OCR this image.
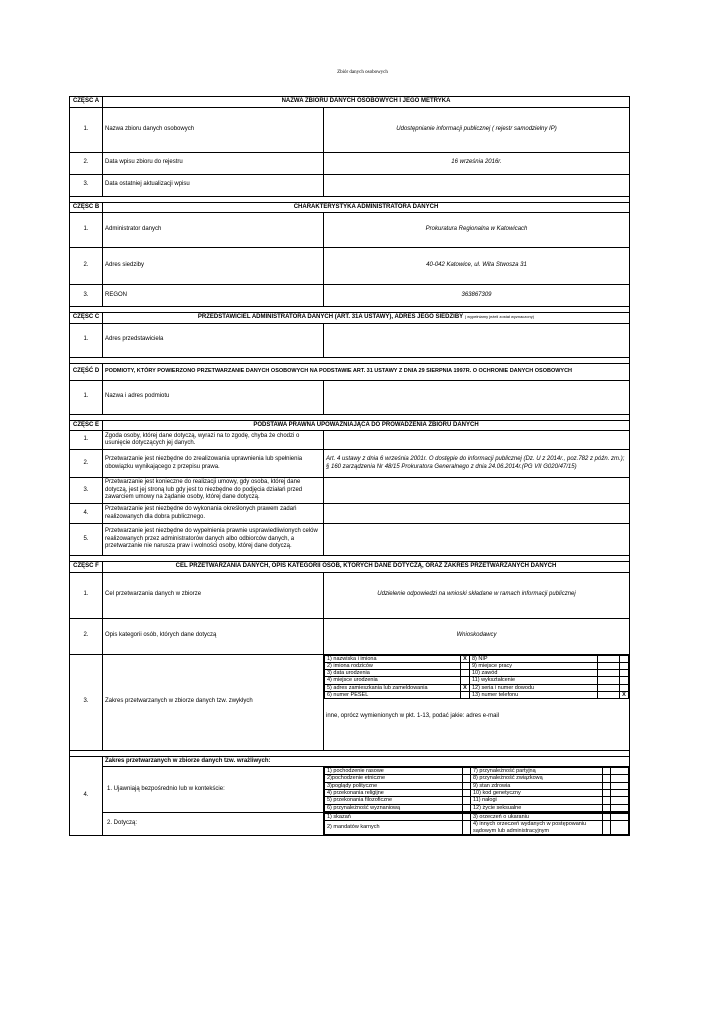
Zbiór danych osobowych
CZĘŚĆ A	NAZWA ZBIORU DANYCH OSOBOWYCH I JEGO METRYKA
1.	Nazwa zbioru danych osobowych	Udostępnianie informacji publicznej ( rejestr samodzielny IP)
2.	Data wpisu zbioru do rejestru	16 września 2016r.
3.	Data ostatniej aktualizacji wpisu	

CZĘŚĆ B	CHARAKTERYSTYKA ADMINISTRATORA DANYCH
1.	Administrator danych	Prokuratura Regionalna w Katowicach
2.	Adres siedziby	40-042 Katowice, ul. Wita Stwosza 31
3.	REGON	363867309

CZĘŚĆ C	PRZEDSTAWICIEL ADMINISTRATORA DANYCH (ART. 31A USTAWY), ADRES JEGO SIEDZIBY ( wypełniamy jeżeli został wyznaczony)
1.	Adres przedstawiciela	

CZĘŚĆ D	PODMIOTY, KTÓRY POWIERZONO PRZETWARZANIE DANYCH OSOBOWYCH NA PODSTAWIE ART. 31 USTAWY Z DNIA 29 SIERPNIA 1997R. O OCHRONIE DANYCH OSOBOWYCH
1.	Nazwa i adres podmiotu	

CZĘŚĆ E	PODSTAWA PRAWNA UPOWAŻNIAJĄCA DO PROWADZENIA ZBIORU DANYCH
1.	Zgoda osoby, której dane dotyczą, wyrazi na to zgodę, chyba że chodzi o usunięcie dotyczących jej danych.	
2.	Przetwarzanie jest niezbędne do zrealizowania uprawnienia lub spełnienia obowiązku wynikającego z przepisu prawa.	Art. 4 ustawy z dnia 6 września 2001r. O dostępie do informacji publicznej (Dz. U z 2014r., poz.782 z późn. zm.); § 160 zarządzenia Nr 48/15 Prokuratora Generalnego z dnia 24.06.2014r.(PG VII G020/47/15)
3.	Przetwarzanie jest konieczne do realizacji umowy, gdy osoba, której dane dotyczą, jest jej stroną lub gdy jest to niezbędne do podjęcia działań przed zawarciem umowy na żądanie osoby, której dane dotyczą.	
4.	Przetwarzanie jest niezbędne do wykonania określonych prawem zadań realizowanych dla dobra publicznego.	
5.	Przetwarzanie jest niezbędne do wypełnienia prawnie usprawiedliwionych celów realizowanych przez administratorów danych albo odbiorców danych, a przetwarzanie nie narusza praw i wolności osoby, której dane dotyczą.	

CZĘŚĆ F	CEL PRZETWARZANIA DANYCH, OPIS KATEGORII OSÓB, KTÓRYCH DANE DOTYCZĄ, ORAZ ZAKRES PRZETWARZANYCH DANYCH
1.	Cel przetwarzania danych w zbiorze	Udzielenie odpowiedzi na wnioski składane w ramach informacji publicznej
2.	Opis kategorii osób, których dane dotyczą	Wnioskodawcy
3.	Zakres przetwarzanych w zbiorze danych tzw. zwykłych	
1) nazwiska i imiona	X	8) NIP		
2) imiona rodziców		9) miejsce pracy		
3) data urodzenia		10) zawód		
4) miejsce urodzenia		11) wykształcenie		
5) adres zamieszkania lub zameldowania	X	12) seria i numer dowodu		
6) numer PESEL		13) numer telefonu		X
inne, oprócz wymienionych w pkt. 1-13, podać jakie: adres e-mail

4.	Zakres przetwarzanych w zbiorze danych tzw. wrażliwych:
1. Ujawniają bezpośrednio lub w kontekście:	
1) pochodzenie rasowe		7) przynależność partyjną		
2)pochodzenie etniczne		8) przynależność związkową		
3)poglądy polityczne		9) stan zdrowia		
4) przekonania religijne		10) kod genetyczny		
5) przekonania filozoficzne		11) nałogi		
6) przynależność wyznaniową		12) życie seksualne		

2. Dotyczą:	
1) skazań		3) orzeczeń o ukaraniu		
2) mandatów karnych		4) innych orzeczeń wydanych w postępowaniu sądowym lub administracyjnym		
